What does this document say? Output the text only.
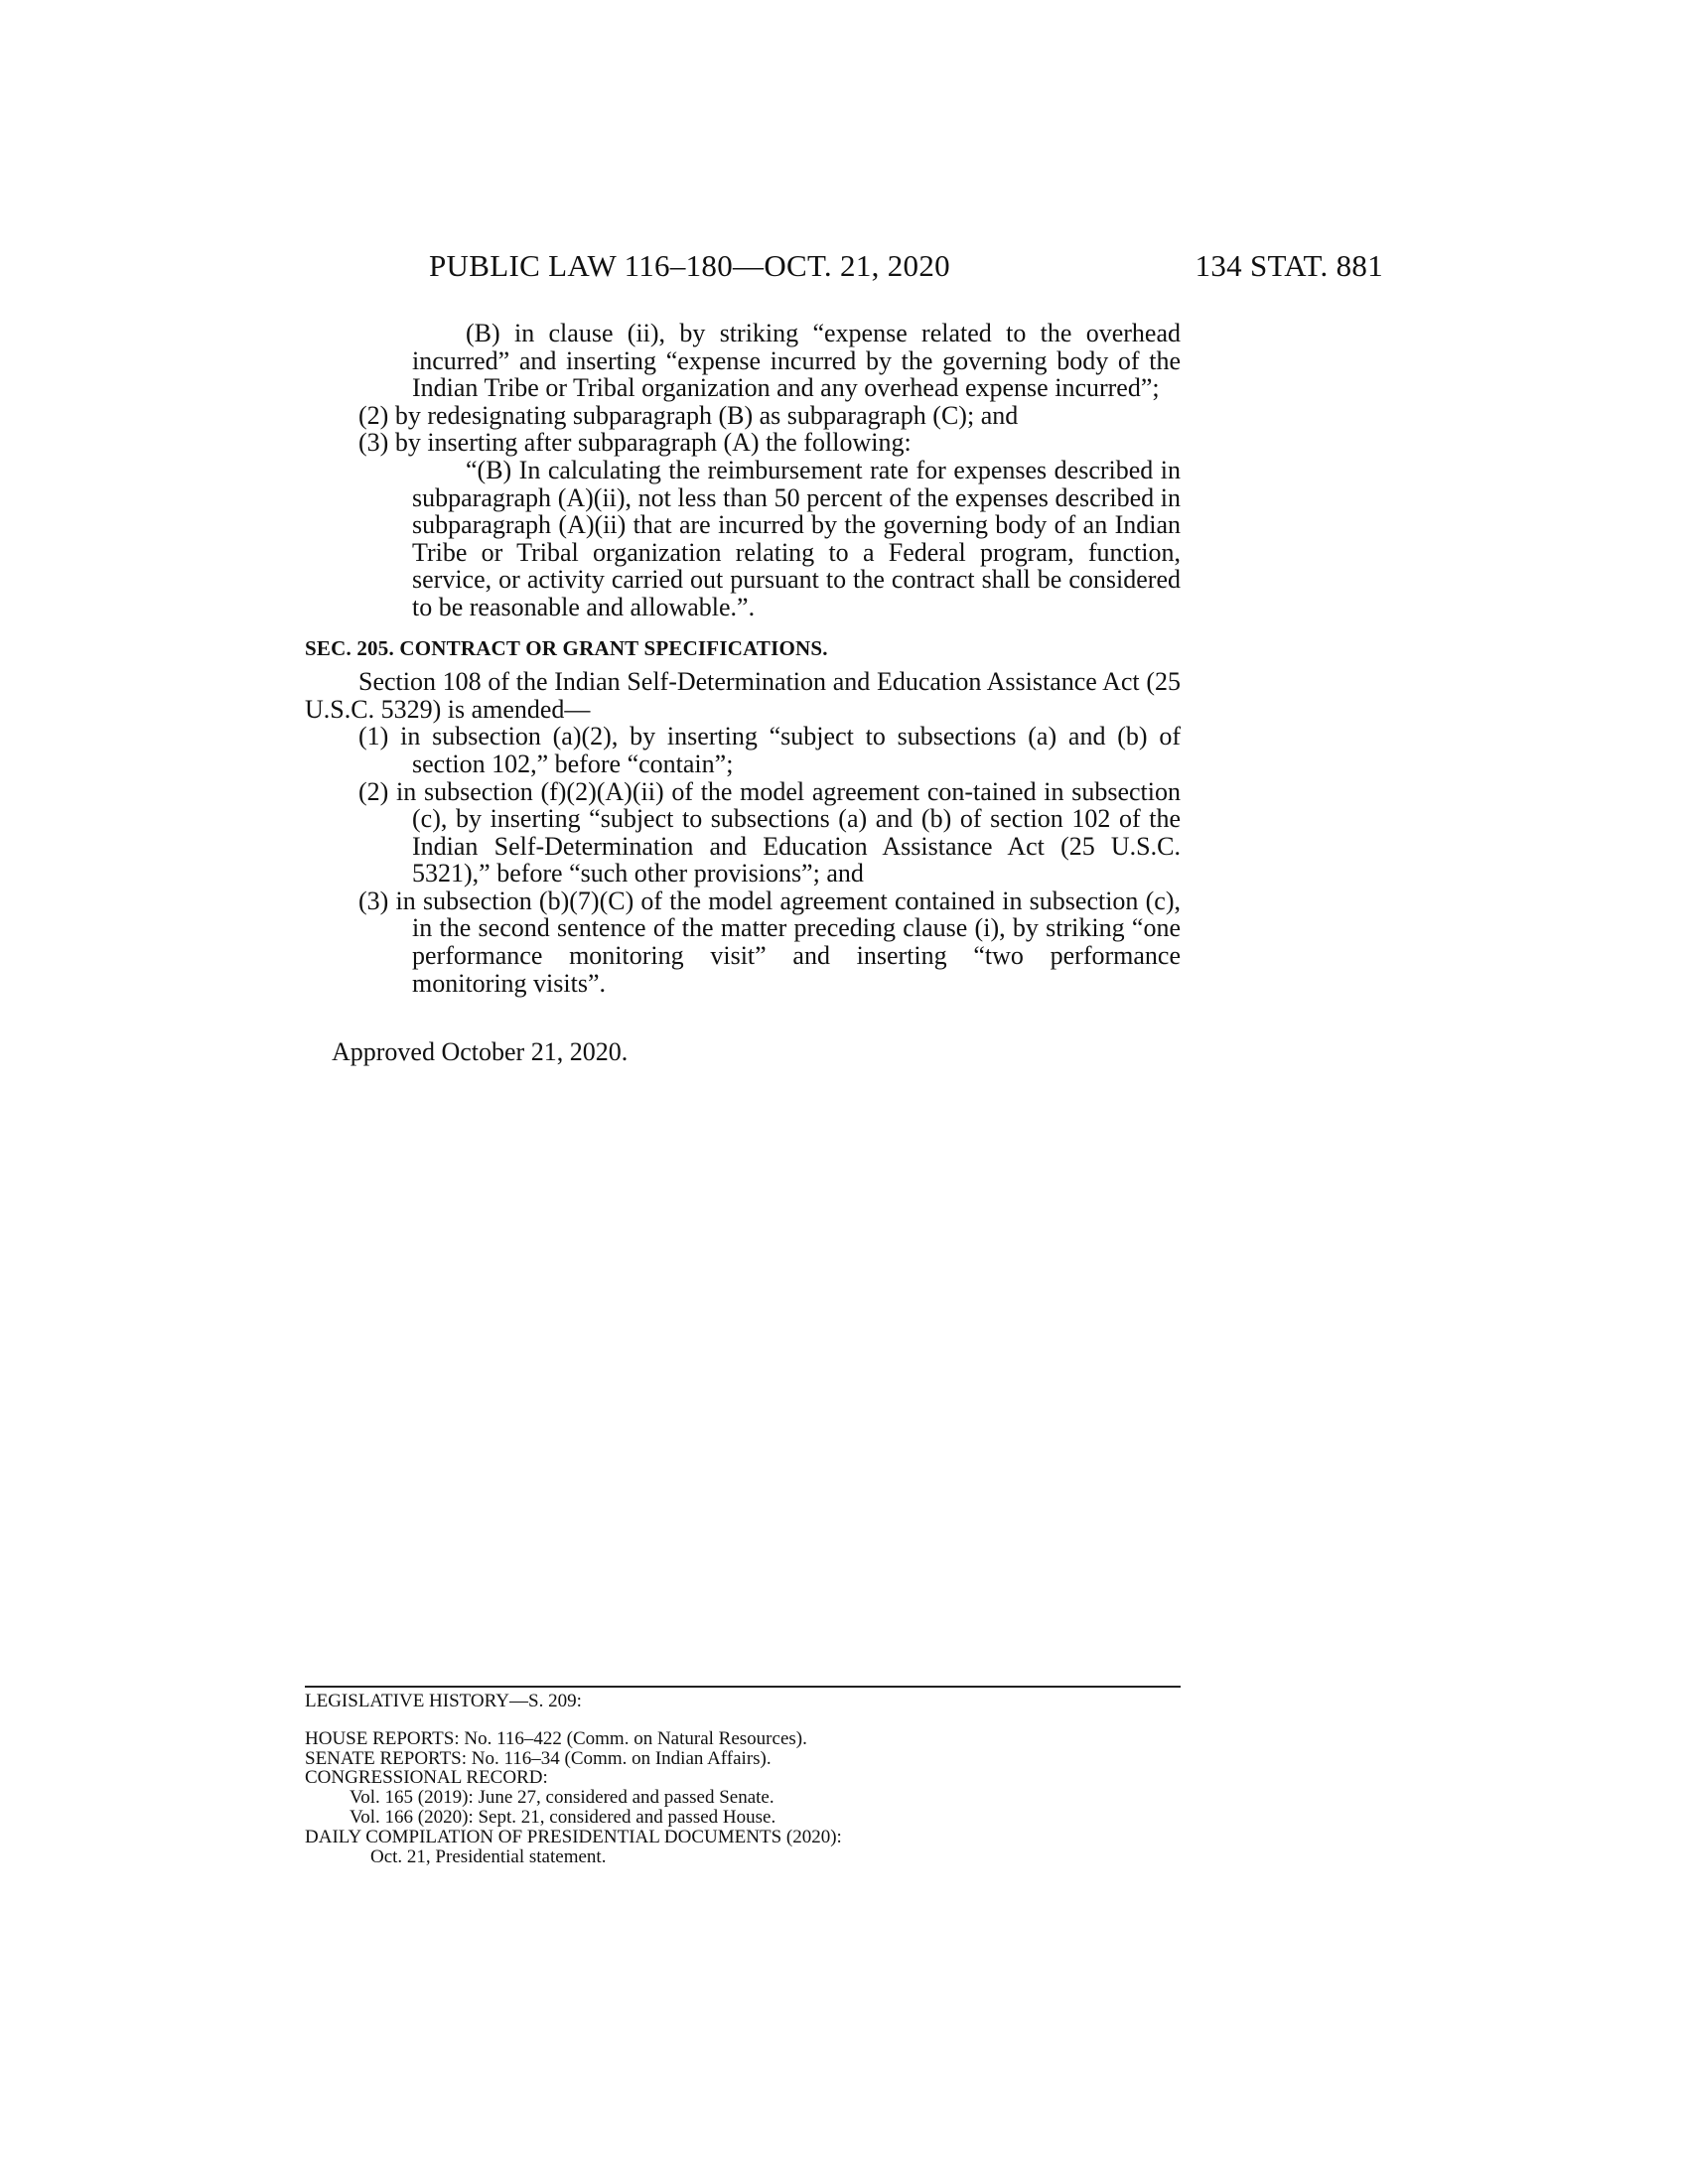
PUBLIC LAW 116–180—OCT. 21, 2020	134 STAT. 881

(B) in clause (ii), by striking “expense related to the overhead incurred” and inserting “expense incurred by the governing body of the Indian Tribe or Tribal organization and any overhead expense incurred”;

(2) by redesignating subparagraph (B) as subparagraph (C); and

(3) by inserting after subparagraph (A) the following:

“(B) In calculating the reimbursement rate for expenses described in subparagraph (A)(ii), not less than 50 percent of the expenses described in subparagraph (A)(ii) that are incurred by the governing body of an Indian Tribe or Tribal organization relating to a Federal program, function, service, or activity carried out pursuant to the contract shall be considered to be reasonable and allowable.”.

SEC. 205. CONTRACT OR GRANT SPECIFICATIONS.

Section 108 of the Indian Self-Determination and Education Assistance Act (25 U.S.C. 5329) is amended—

(1) in subsection (a)(2), by inserting “subject to subsections (a) and (b) of section 102,” before “contain”;

(2) in subsection (f)(2)(A)(ii) of the model agreement con-tained in subsection (c), by inserting “subject to subsections (a) and (b) of section 102 of the Indian Self-Determination and Education Assistance Act (25 U.S.C. 5321),” before “such other provisions”; and

(3) in subsection (b)(7)(C) of the model agreement contained in subsection (c), in the second sentence of the matter preceding clause (i), by striking “one performance monitoring visit” and inserting “two performance monitoring visits”.

Approved October 21, 2020.

LEGISLATIVE HISTORY—S. 209:
HOUSE REPORTS: No. 116–422 (Comm. on Natural Resources).
SENATE REPORTS: No. 116–34 (Comm. on Indian Affairs).
CONGRESSIONAL RECORD:
Vol. 165 (2019): June 27, considered and passed Senate.
Vol. 166 (2020): Sept. 21, considered and passed House.
DAILY COMPILATION OF PRESIDENTIAL DOCUMENTS (2020):
Oct. 21, Presidential statement.
